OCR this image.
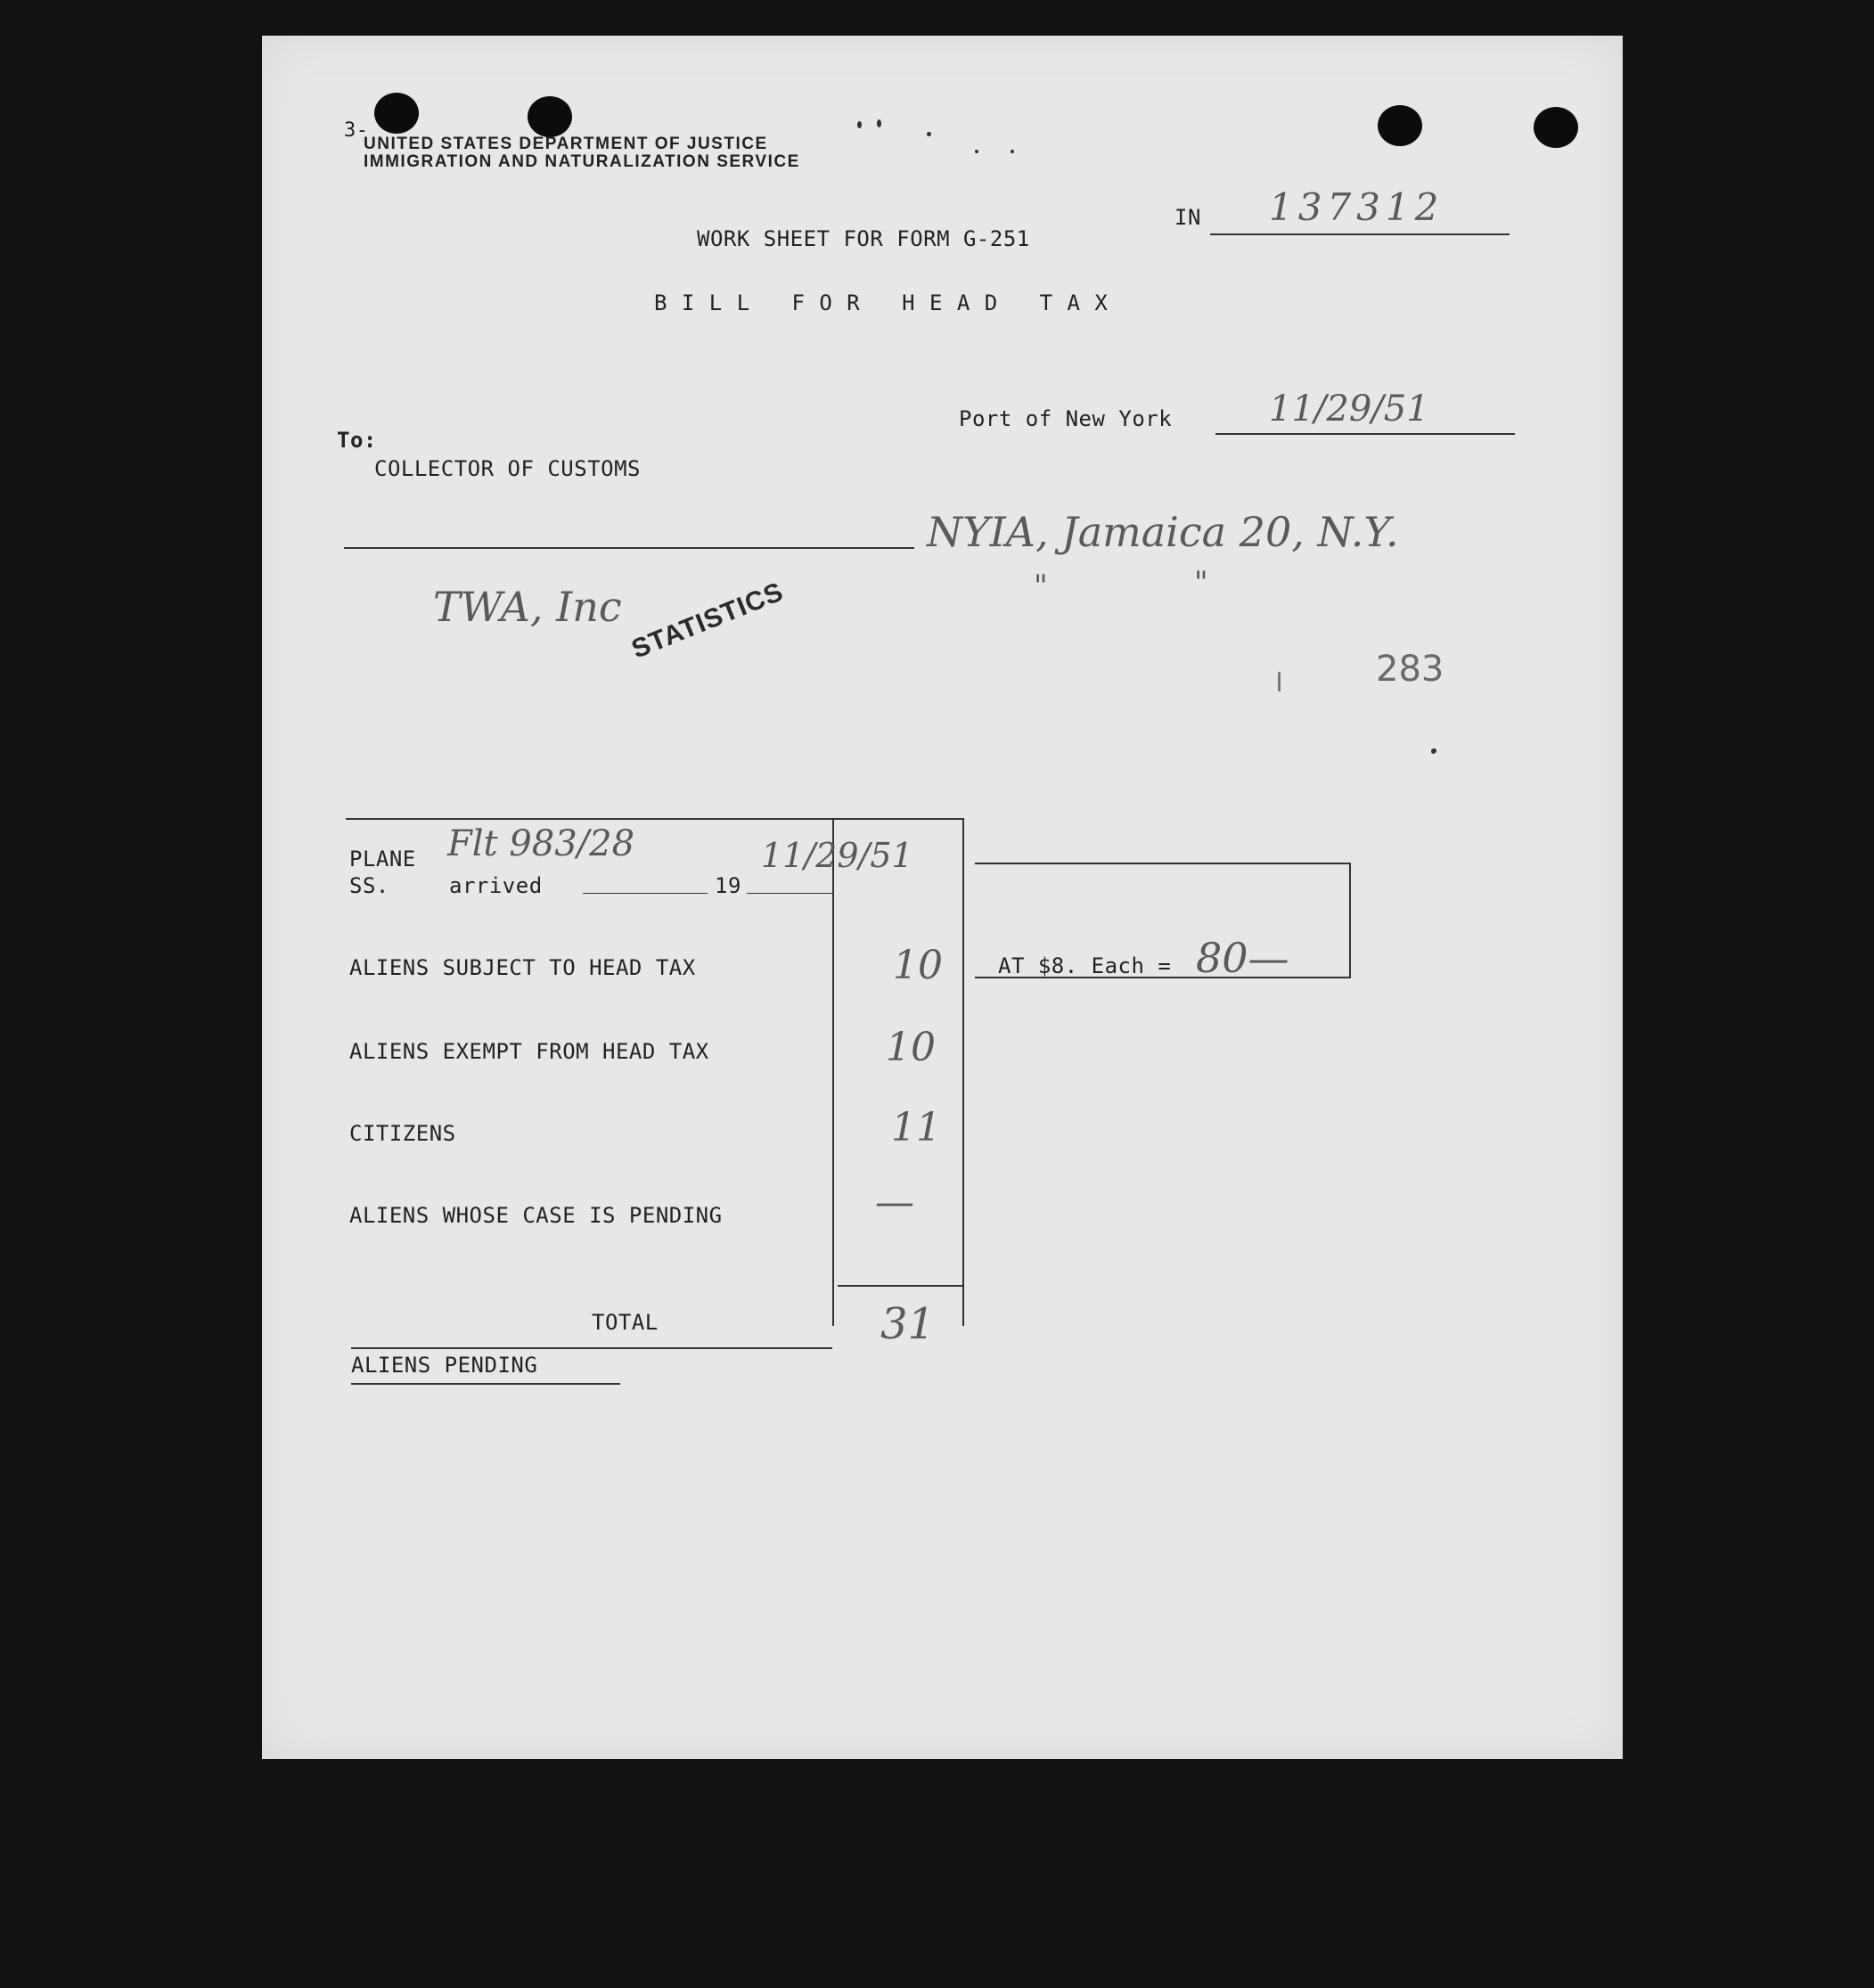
3-
UNITED STATES DEPARTMENT OF JUSTICE
IMMIGRATION AND NATURALIZATION SERVICE
IN 137312
WORK SHEET FOR FORM G-251
B I L L   F O R   H E A D   T A X
Port of New York	11/29/51
To:
COLLECTOR OF CUSTOMS
NYIA, Jamaica 20, N.Y.
"	"
TWA, Inc STATISTICS
283
PLANE Flt 983/28	11/29/51
SS.	arrived	19
ALIENS SUBJECT TO HEAD TAX	10
ALIENS EXEMPT FROM HEAD TAX	10
CITIZENS	11
ALIENS WHOSE CASE IS PENDING	—
TOTAL	31
ALIENS PENDING
AT $8. Each = 80—
